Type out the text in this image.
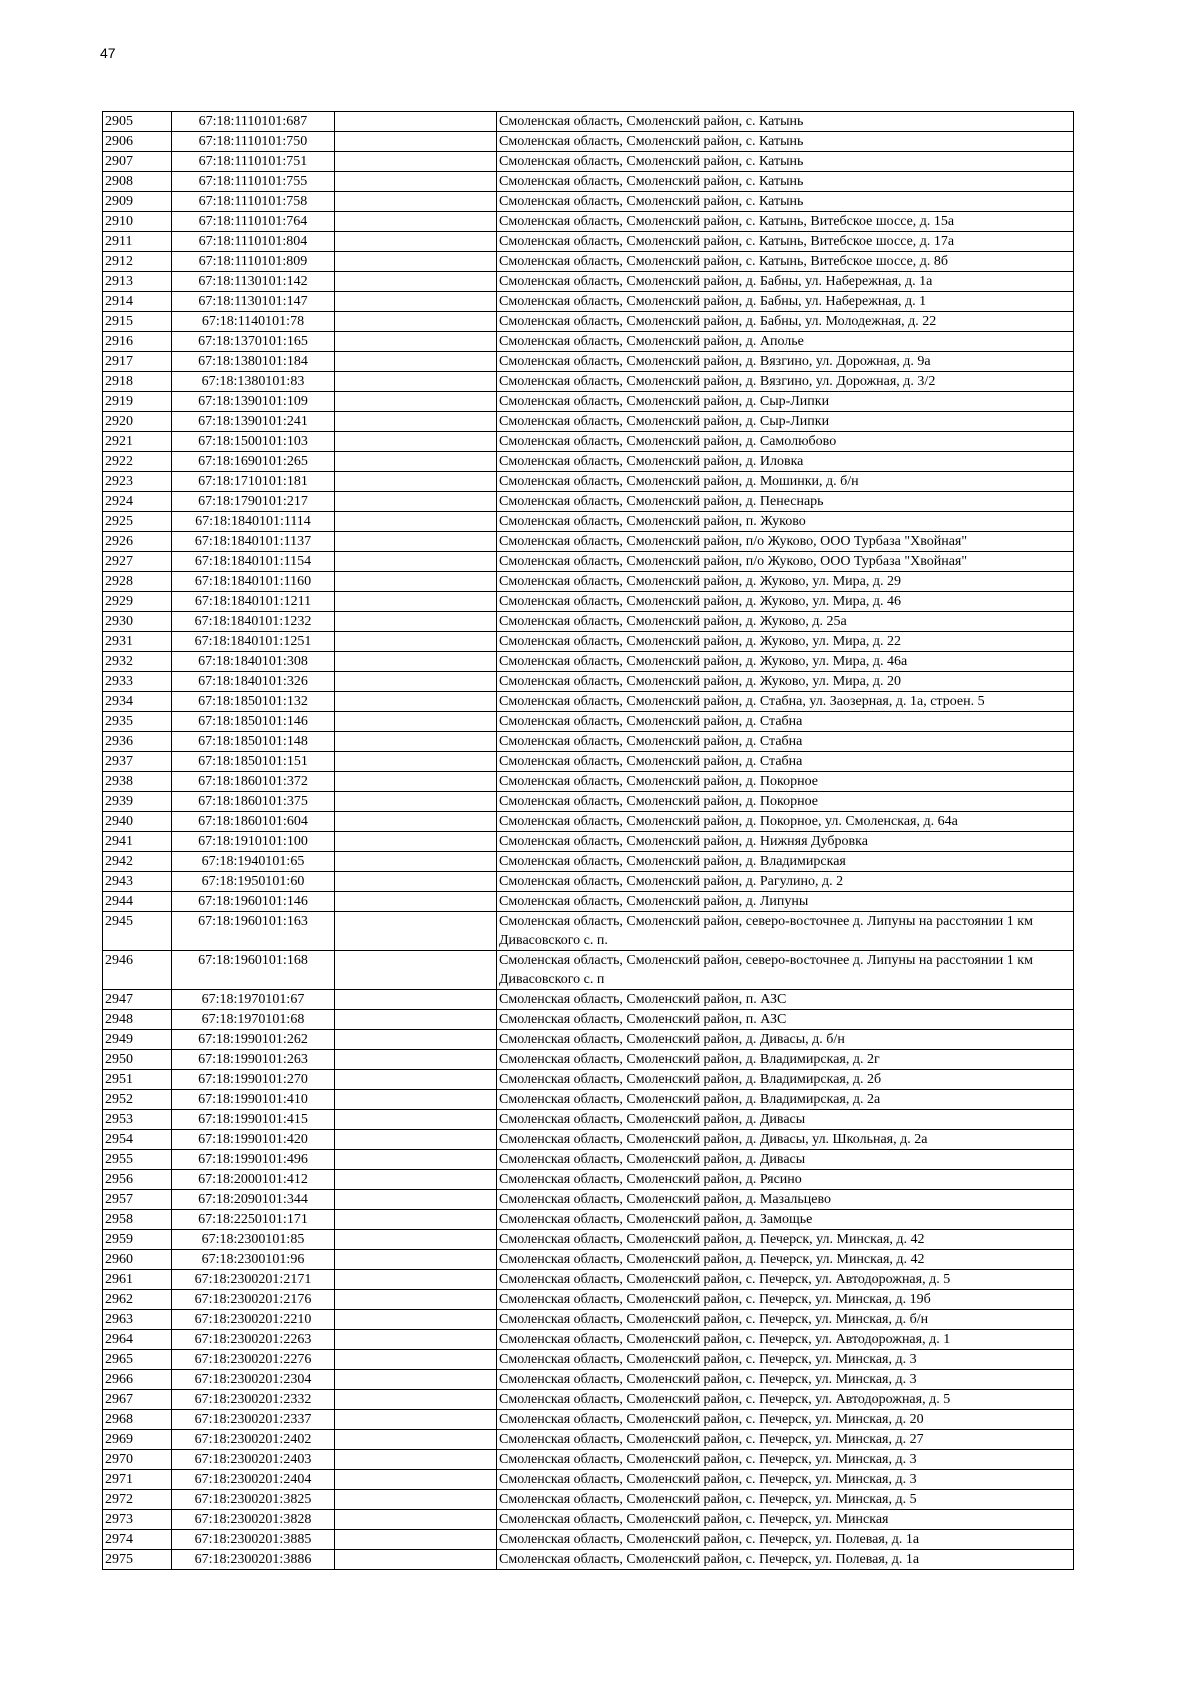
47
2905	67:18:1110101:687		Смоленская область, Смоленский район, с. Катынь
2906	67:18:1110101:750		Смоленская область, Смоленский район, с. Катынь
2907	67:18:1110101:751		Смоленская область, Смоленский район, с. Катынь
2908	67:18:1110101:755		Смоленская область, Смоленский район, с. Катынь
2909	67:18:1110101:758		Смоленская область, Смоленский район, с. Катынь
2910	67:18:1110101:764		Смоленская область, Смоленский район, с. Катынь, Витебское шоссе, д. 15а
2911	67:18:1110101:804		Смоленская область, Смоленский район, с. Катынь, Витебское шоссе, д. 17а
2912	67:18:1110101:809		Смоленская область, Смоленский район, с. Катынь, Витебское шоссе, д. 8б
2913	67:18:1130101:142		Смоленская область, Смоленский район, д. Бабны, ул. Набережная, д. 1а
2914	67:18:1130101:147		Смоленская область, Смоленский район, д. Бабны, ул. Набережная, д. 1
2915	67:18:1140101:78		Смоленская область, Смоленский район, д. Бабны, ул. Молодежная, д. 22
2916	67:18:1370101:165		Смоленская область, Смоленский район, д. Аполье
2917	67:18:1380101:184		Смоленская область, Смоленский район, д. Вязгино, ул. Дорожная, д. 9а
2918	67:18:1380101:83		Смоленская область, Смоленский район, д. Вязгино, ул. Дорожная, д. 3/2
2919	67:18:1390101:109		Смоленская область, Смоленский район, д. Сыр-Липки
2920	67:18:1390101:241		Смоленская область, Смоленский район, д. Сыр-Липки
2921	67:18:1500101:103		Смоленская область, Смоленский район, д. Самолюбово
2922	67:18:1690101:265		Смоленская область, Смоленский район, д. Иловка
2923	67:18:1710101:181		Смоленская область, Смоленский район, д. Мошинки, д. б/н
2924	67:18:1790101:217		Смоленская область, Смоленский район, д. Пенеснарь
2925	67:18:1840101:1114		Смоленская область, Смоленский район, п. Жуково
2926	67:18:1840101:1137		Смоленская область, Смоленский район, п/о Жуково, ООО Турбаза "Хвойная"
2927	67:18:1840101:1154		Смоленская область, Смоленский район, п/о Жуково, ООО Турбаза "Хвойная"
2928	67:18:1840101:1160		Смоленская область, Смоленский район, д. Жуково, ул. Мира, д. 29
2929	67:18:1840101:1211		Смоленская область, Смоленский район, д. Жуково, ул. Мира, д. 46
2930	67:18:1840101:1232		Смоленская область, Смоленский район, д. Жуково, д. 25а
2931	67:18:1840101:1251		Смоленская область, Смоленский район, д. Жуково, ул. Мира, д. 22
2932	67:18:1840101:308		Смоленская область, Смоленский район, д. Жуково, ул. Мира, д. 46а
2933	67:18:1840101:326		Смоленская область, Смоленский район, д. Жуково, ул. Мира, д. 20
2934	67:18:1850101:132		Смоленская область, Смоленский район, д. Стабна, ул. Заозерная, д. 1а, строен. 5
2935	67:18:1850101:146		Смоленская область, Смоленский район, д. Стабна
2936	67:18:1850101:148		Смоленская область, Смоленский район, д. Стабна
2937	67:18:1850101:151		Смоленская область, Смоленский район, д. Стабна
2938	67:18:1860101:372		Смоленская область, Смоленский район, д. Покорное
2939	67:18:1860101:375		Смоленская область, Смоленский район, д. Покорное
2940	67:18:1860101:604		Смоленская область, Смоленский район, д. Покорное, ул. Смоленская, д. 64а
2941	67:18:1910101:100		Смоленская область, Смоленский район, д. Нижняя Дубровка
2942	67:18:1940101:65		Смоленская область, Смоленский район, д. Владимирская
2943	67:18:1950101:60		Смоленская область, Смоленский район, д. Рагулино, д. 2
2944	67:18:1960101:146		Смоленская область, Смоленский район, д. Липуны
2945	67:18:1960101:163		Смоленская область, Смоленский район, северо-восточнее д. Липуны на расстоянии 1 км Дивасовского с. п.
2946	67:18:1960101:168		Смоленская область, Смоленский район, северо-восточнее д. Липуны на расстоянии 1 км Дивасовского с. п
2947	67:18:1970101:67		Смоленская область, Смоленский район, п. АЗС
2948	67:18:1970101:68		Смоленская область, Смоленский район, п. АЗС
2949	67:18:1990101:262		Смоленская область, Смоленский район, д. Дивасы, д. б/н
2950	67:18:1990101:263		Смоленская область, Смоленский район, д. Владимирская, д. 2г
2951	67:18:1990101:270		Смоленская область, Смоленский район, д. Владимирская, д. 2б
2952	67:18:1990101:410		Смоленская область, Смоленский район, д. Владимирская, д. 2а
2953	67:18:1990101:415		Смоленская область, Смоленский район, д. Дивасы
2954	67:18:1990101:420		Смоленская область, Смоленский район, д. Дивасы, ул. Школьная, д. 2а
2955	67:18:1990101:496		Смоленская область, Смоленский район, д. Дивасы
2956	67:18:2000101:412		Смоленская область, Смоленский район, д. Рясино
2957	67:18:2090101:344		Смоленская область, Смоленский район, д. Мазальцево
2958	67:18:2250101:171		Смоленская область, Смоленский район, д. Замощье
2959	67:18:2300101:85		Смоленская область, Смоленский район, д. Печерск, ул. Минская, д. 42
2960	67:18:2300101:96		Смоленская область, Смоленский район, д. Печерск, ул. Минская, д. 42
2961	67:18:2300201:2171		Смоленская область, Смоленский район, с. Печерск, ул. Автодорожная, д. 5
2962	67:18:2300201:2176		Смоленская область, Смоленский район, с. Печерск, ул. Минская, д. 19б
2963	67:18:2300201:2210		Смоленская область, Смоленский район, с. Печерск, ул. Минская, д. б/н
2964	67:18:2300201:2263		Смоленская область, Смоленский район, с. Печерск, ул. Автодорожная, д. 1
2965	67:18:2300201:2276		Смоленская область, Смоленский район, с. Печерск, ул. Минская, д. 3
2966	67:18:2300201:2304		Смоленская область, Смоленский район, с. Печерск, ул. Минская, д. 3
2967	67:18:2300201:2332		Смоленская область, Смоленский район, с. Печерск, ул. Автодорожная, д. 5
2968	67:18:2300201:2337		Смоленская область, Смоленский район, с. Печерск, ул. Минская, д. 20
2969	67:18:2300201:2402		Смоленская область, Смоленский район, с. Печерск, ул. Минская, д. 27
2970	67:18:2300201:2403		Смоленская область, Смоленский район, с. Печерск, ул. Минская, д. 3
2971	67:18:2300201:2404		Смоленская область, Смоленский район, с. Печерск, ул. Минская, д. 3
2972	67:18:2300201:3825		Смоленская область, Смоленский район, с. Печерск, ул. Минская, д. 5
2973	67:18:2300201:3828		Смоленская область, Смоленский район, с. Печерск, ул. Минская
2974	67:18:2300201:3885		Смоленская область, Смоленский район, с. Печерск, ул. Полевая, д. 1а
2975	67:18:2300201:3886		Смоленская область, Смоленский район, с. Печерск, ул. Полевая, д. 1а
